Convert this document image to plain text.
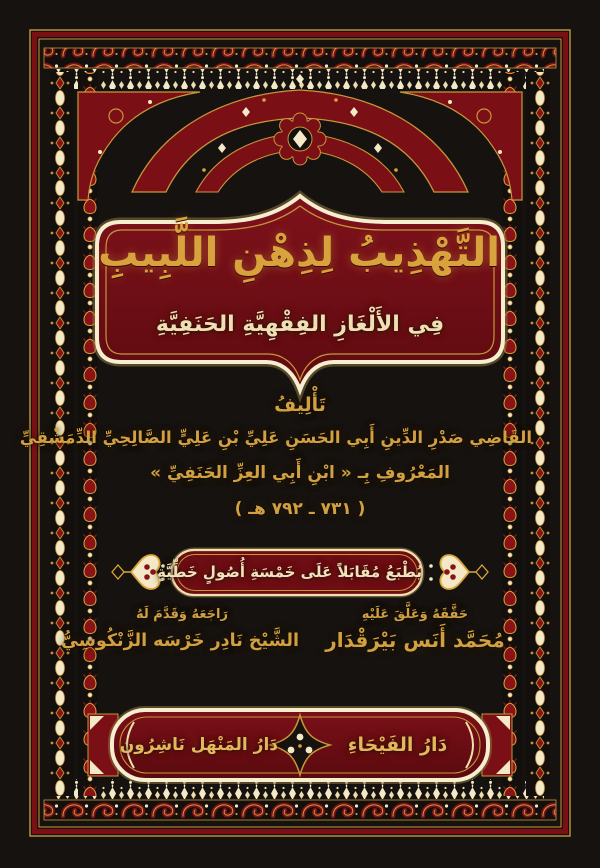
التَّهْذِيبُ لِذِهْنِ اللَّبِيبِ
فِي الأَلْغَازِ الفِقْهِيَّةِ الحَنَفِيَّةِ
تَأْلِيفُ
القَاضِي صَدْرِ الدِّينِ أَبِي الحَسَنِ عَلِيِّ بْنِ عَلِيٍّ الصَّالِحِيِّ الدِّمَشْقِيِّ
المَعْرُوفِ بِـ « ابْنِ أَبِي العِزِّ الحَنَفِيِّ »
( ٧٣١ ـ ٧٩٢ هـ )
يُطْبَعُ مُقَابَلاً عَلَى خَمْسَةِ أُصُولٍ خَطِّيَّةٍ
حَقَّقَهُ وَعَلَّقَ عَلَيْهِ
مُحَمَّد أَنَس بَيْرَقْدَار
رَاجَعَهُ وَقَدَّمَ لَهُ
الشَّيْخ نَادِر خَرْسَه الزَّنْكُوسِيُّ
دَارُ الفَيْحَاءِ
دَارُ المَنْهَل نَاشِرُون
